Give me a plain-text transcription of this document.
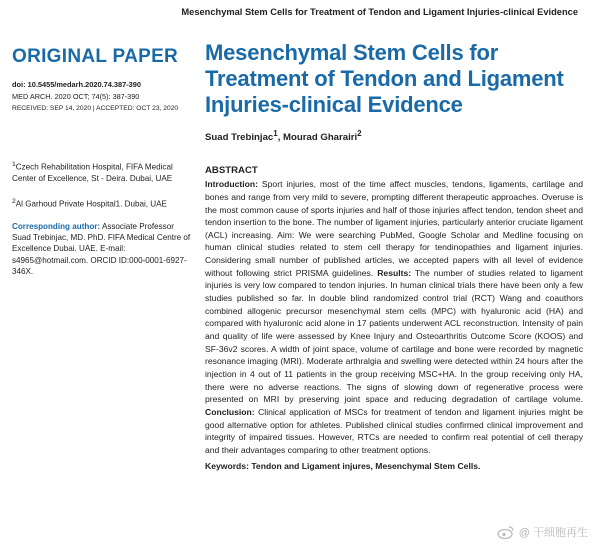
Mesenchymal Stem Cells for Treatment of Tendon and Ligament Injuries-clinical Evidence
ORIGINAL PAPER
doi: 10.5455/medarh.2020.74.387-390
MED ARCH. 2020 OCT; 74(5): 387-390
RECEIVED: SEP 14, 2020 | ACCEPTED: OCT 23, 2020

$^1$Czech Rehabilitation Hospital, FIFA Medical Center of Excellence, St - Deira. Dubai, UAE

$^2$Al Garhoud Private Hospital1. Dubai, UAE

Corresponding author: Associate Professor Suad Trebinjac, MD. PhD. FIFA Medical Centre of Excellence Dubai. UAE. E-mail: s4965@hotmail.com. ORCID ID:000-0001-6927-346X.
Mesenchymal Stem Cells for Treatment of Tendon and Ligament Injuries-clinical Evidence
Suad Trebinjac$^1$, Mourad Gharairi$^2$
ABSTRACT
Introduction: Sport injuries, most of the time affect muscles, tendons, ligaments, cartilage and bones and range from very mild to severe, prompting different therapeutic approaches. Overuse is the most common cause of sports injuries and half of those injuries affect tendon, tendon sheet and tendon insertion to the bone. The number of ligament injuries, particularly anterior cruciate ligament (ACL) increasing. Aim: We were searching PubMed, Google Scholar and Medline focusing on human clinical studies related to stem cell therapy for tendinopathies and ligament injuries. Considering small number of published articles, we accepted papers with all level of evidence without following strict PRISMA guidelines. Results: The number of studies related to ligament injuries is very low compared to tendon injuries. In human clinical trials there have been only a few studies published so far. In double blind randomized control trial (RCT) Wang and coauthors combined allogenic precursor mesenchymal stem cells (MPC) with hyaluronic acid (HA) and compared with hyaluronic acid alone in 17 patients underwent ACL reconstruction. Intensity of pain and quality of life were assessed by Knee Injury and Osteoarthritis Outcome Score (KOOS) and SF-36v2 scores. A width of joint space, volume of cartilage and bone were recorded by magnetic resonance imaging (MRI). Moderate arthralgia and swelling were detected within 24 hours after the injection in 4 out of 11 patients in the group receiving MSC+HA. In the group receiving only HA, there were no adverse reactions. The signs of slowing down of regenerative process were presented on MRI by preserving joint space and reducing degradation of cartilage volume. Conclusion: Clinical application of MSCs for treatment of tendon and ligament injuries might be good alternative option for athletes. Published clinical studies confirmed clinical improvement and integrity of impaired tissues. However, RTCs are needed to confirm real potential of cell therapy and their advantages comparing to other treatment options.
Keywords: Tendon and Ligament injures, Mesenchymal Stem Cells.
@ 干细胞再生
